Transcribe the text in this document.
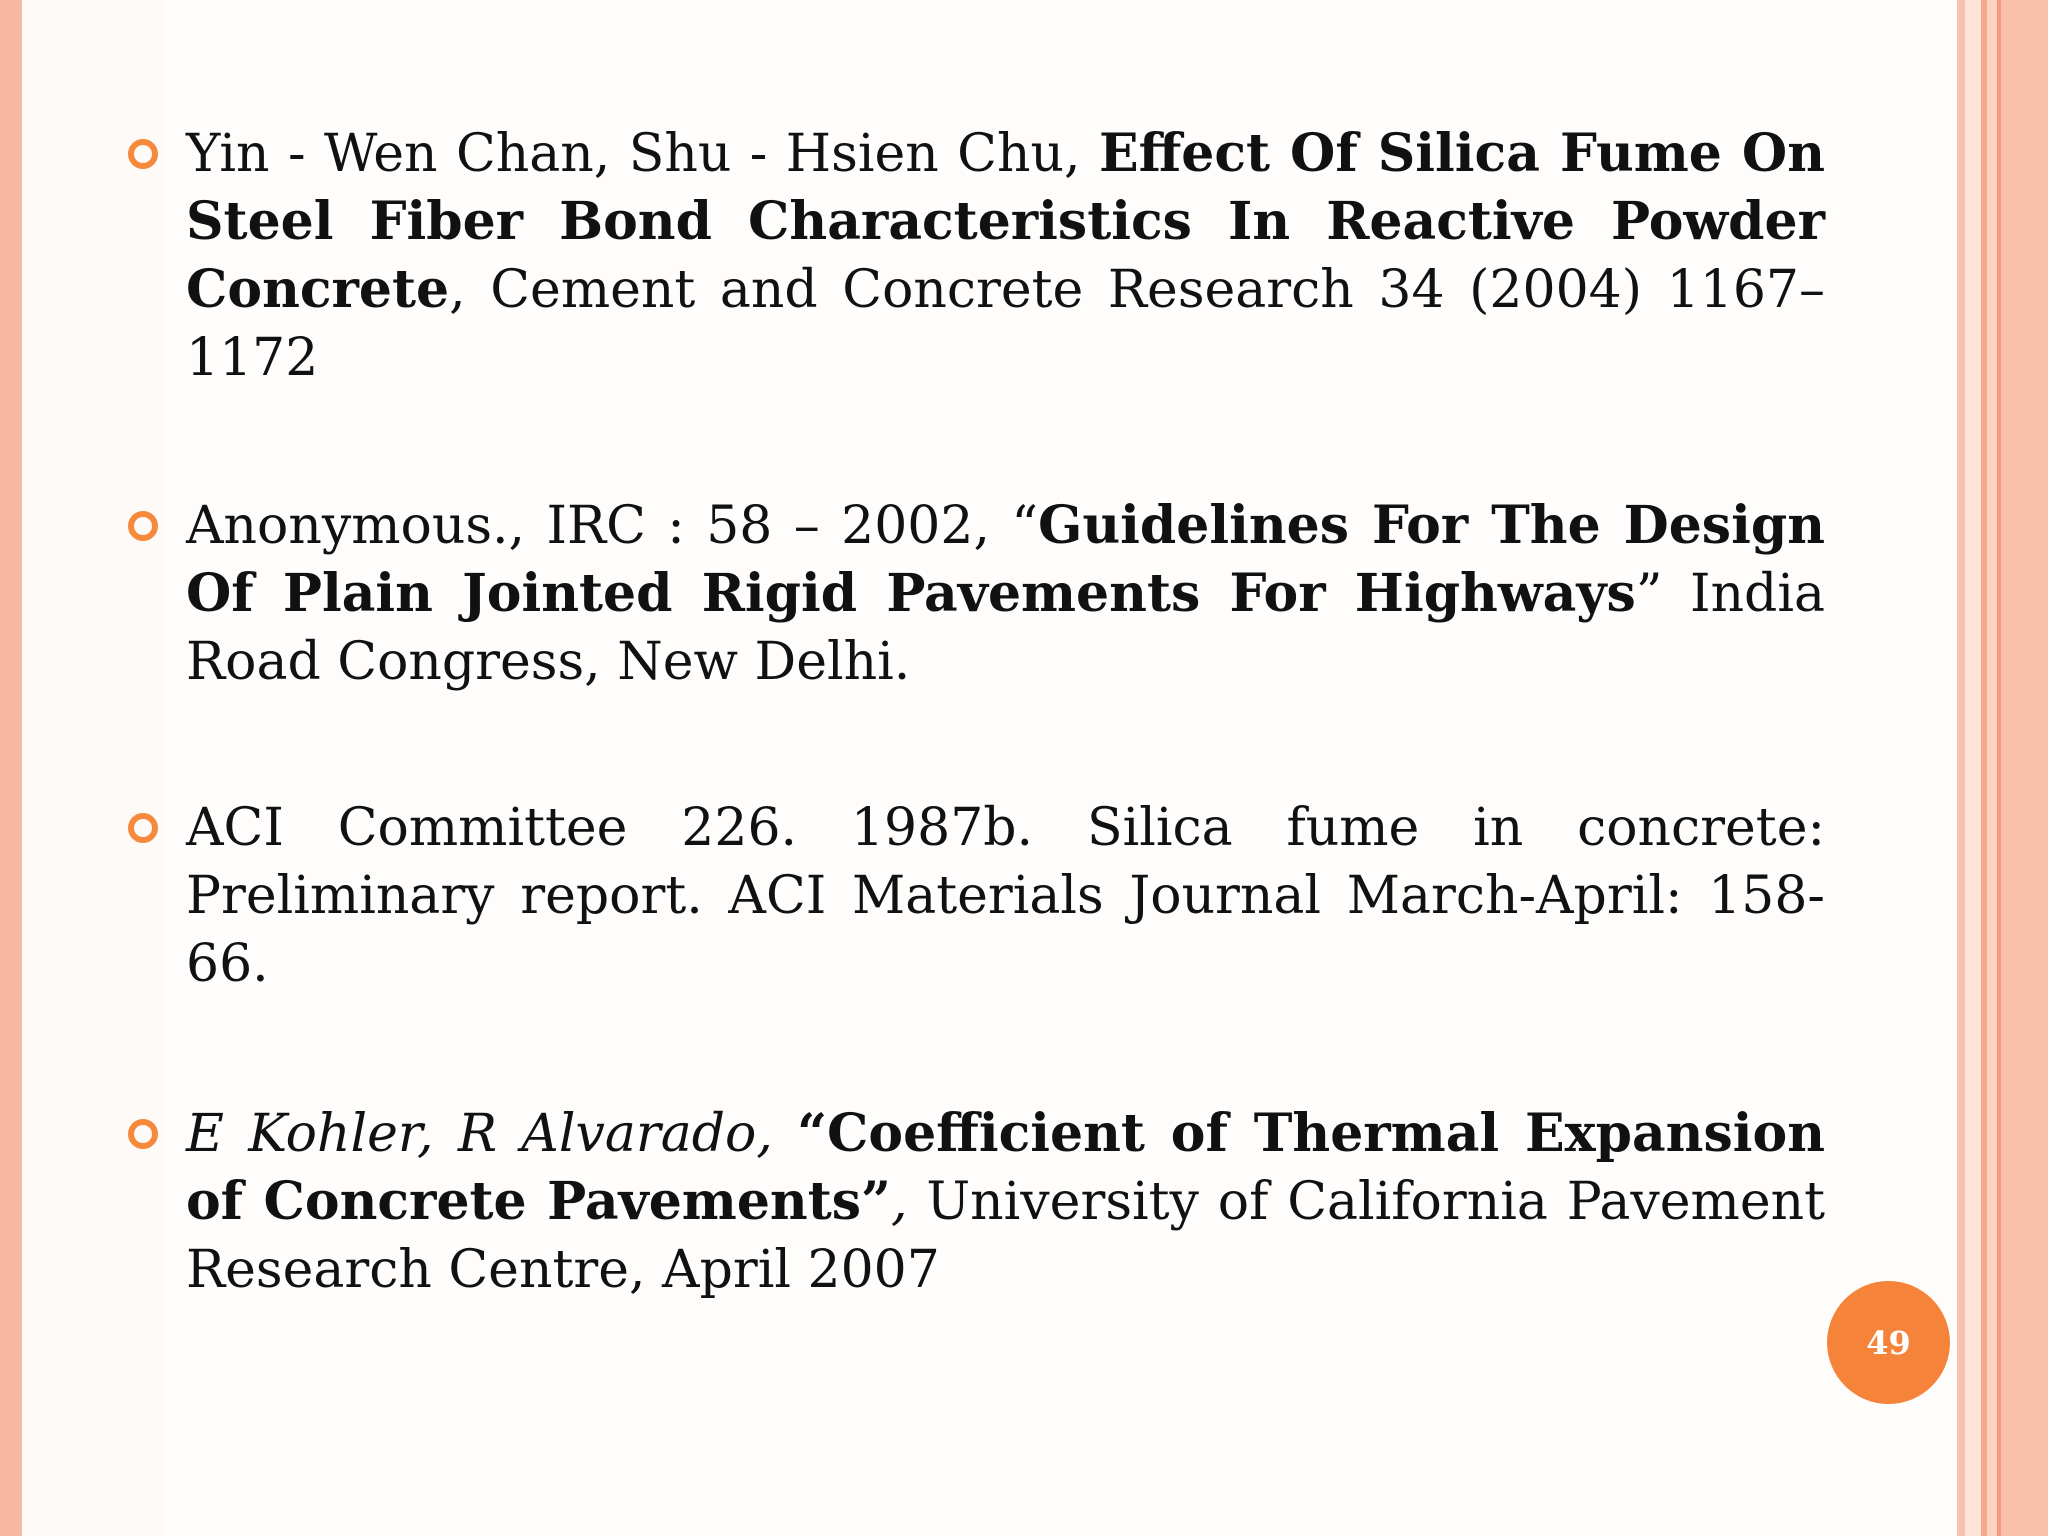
Yin - Wen Chan, Shu - Hsien Chu, Effect Of Silica Fume On Steel Fiber Bond Characteristics In Reactive Powder Concrete, Cement and Concrete Research 34 (2004) 1167–1172
Anonymous., IRC : 58 – 2002, “Guidelines For The Design Of Plain Jointed Rigid Pavements For Highways” India Road Congress, New Delhi.
ACI Committee 226. 1987b. Silica fume in concrete: Preliminary report. ACI Materials Journal March-April: 158-66.
E Kohler, R Alvarado, “Coefficient of Thermal Expansion of Concrete Pavements”, University of California Pavement Research Centre, April 2007
49
